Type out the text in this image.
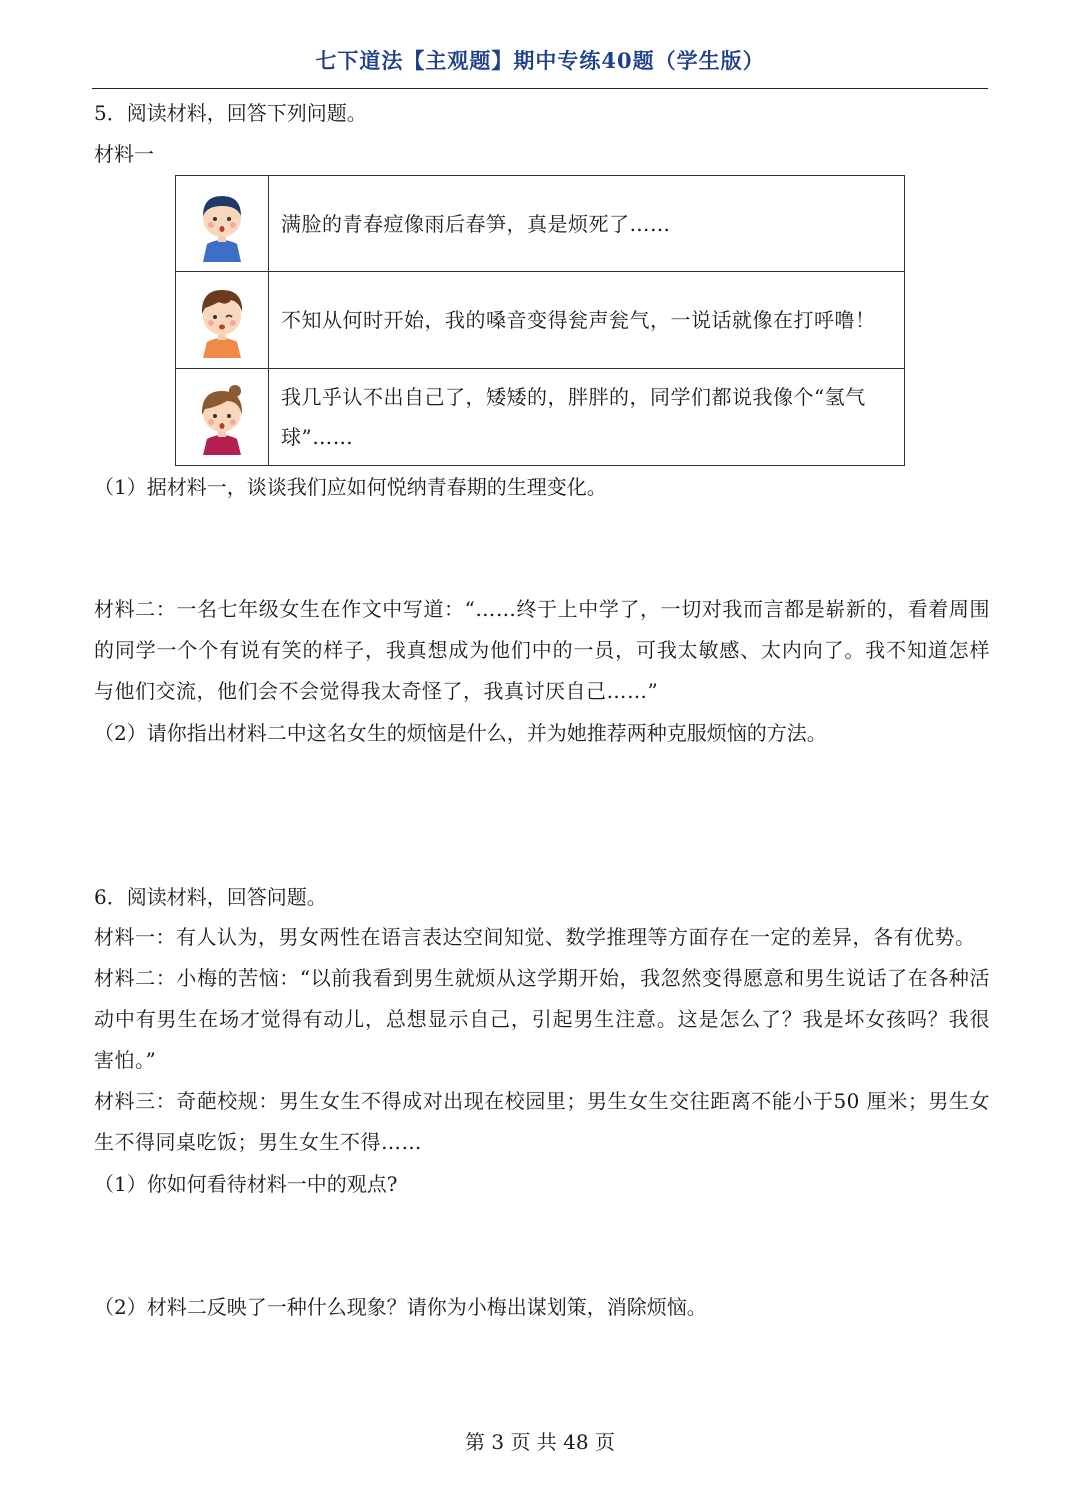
七下道法【主观题】期中专练40题（学生版）
5．阅读材料，回答下列问题。
材料一
	满脸的青春痘像雨后春笋，真是烦死了……

	不知从何时开始，我的嗓音变得瓮声瓮气，一说话就像在打呼噜！

	我几乎认不出自己了，矮矮的，胖胖的，同学们都说我像个“氢气球”……
（1）据材料一，谈谈我们应如何悦纳青春期的生理变化。
材料二：一名七年级女生在作文中写道：“……终于上中学了，一切对我而言都是崭新的，看着周围的同学一个个有说有笑的样子，我真想成为他们中的一员，可我太敏感、太内向了。我不知道怎样与他们交流，他们会不会觉得我太奇怪了，我真讨厌自己……”
（2）请你指出材料二中这名女生的烦恼是什么，并为她推荐两种克服烦恼的方法。
6．阅读材料，回答问题。
材料一：有人认为，男女两性在语言表达空间知觉、数学推理等方面存在一定的差异，各有优势。
材料二：小梅的苦恼：“以前我看到男生就烦从这学期开始，我忽然变得愿意和男生说话了在各种活动中有男生在场才觉得有动儿，总想显示自己，引起男生注意。这是怎么了？我是坏女孩吗？我很害怕。”
材料三：奇葩校规：男生女生不得成对出现在校园里；男生女生交往距离不能小于50 厘米；男生女生不得同桌吃饭；男生女生不得……
（1）你如何看待材料一中的观点?
（2）材料二反映了一种什么现象？请你为小梅出谋划策，消除烦恼。
第 3 页 共 48 页
